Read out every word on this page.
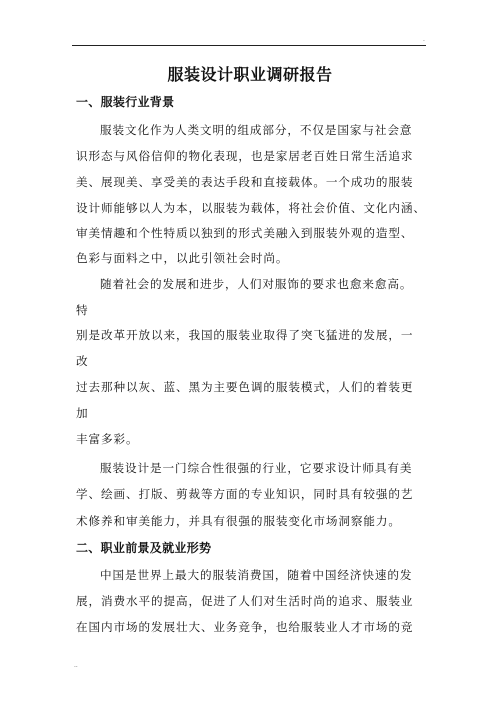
.
服装设计职业调研报告
一、服装行业背景
服装文化作为人类文明的组成部分，不仅是国家与社会意
识形态与风俗信仰的物化表现，也是家居老百姓日常生活追求
美、展现美、享受美的表达手段和直接载体。一个成功的服装
设计师能够以人为本，以服装为载体，将社会价值、文化内涵、
审美情趣和个性特质以独到的形式美融入到服装外观的造型、
色彩与面料之中，以此引领社会时尚。
随着社会的发展和进步，人们对服饰的要求也愈来愈高。
特
别是改革开放以来，我国的服装业取得了突飞猛进的发展，一
改
过去那种以灰、蓝、黑为主要色调的服装模式，人们的着装更
加
丰富多彩。
服装设计是一门综合性很强的行业，它要求设计师具有美
学、绘画、打版、剪裁等方面的专业知识，同时具有较强的艺
术修养和审美能力，并具有很强的服装变化市场洞察能力。
二、职业前景及就业形势
中国是世界上最大的服装消费国，随着中国经济快速的发
展，消费水平的提高，促进了人们对生活时尚的追求、服装业
在国内市场的发展壮大、业务竞争，也给服装业人才市场的竞
..
